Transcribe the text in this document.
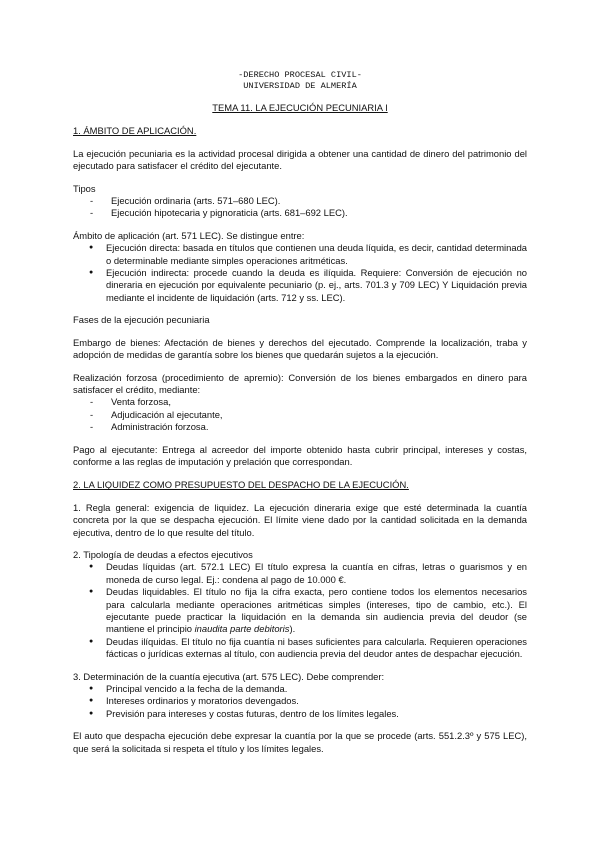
-DERECHO PROCESAL CIVIL-
UNIVERSIDAD DE ALMERÍA
TEMA 11. LA EJECUCIÓN PECUNIARIA I
1. ÁMBITO DE APLICACIÓN.

La ejecución pecuniaria es la actividad procesal dirigida a obtener una cantidad de dinero del patrimonio del ejecutado para satisfacer el crédito del ejecutante.

Tipos

- Ejecución ordinaria (arts. 571–680 LEC).
- Ejecución hipotecaria y pignoraticia (arts. 681–692 LEC).

Ámbito de aplicación (art. 571 LEC). Se distingue entre:

● Ejecución directa: basada en títulos que contienen una deuda líquida, es decir, cantidad determinada o determinable mediante simples operaciones aritméticas.
● Ejecución indirecta: procede cuando la deuda es ilíquida. Requiere: Conversión de ejecución no dineraria en ejecución por equivalente pecuniario (p. ej., arts. 701.3 y 709 LEC) Y Liquidación previa mediante el incidente de liquidación (arts. 712 y ss. LEC).

Fases de la ejecución pecuniaria

Embargo de bienes: Afectación de bienes y derechos del ejecutado. Comprende la localización, traba y adopción de medidas de garantía sobre los bienes que quedarán sujetos a la ejecución.

Realización forzosa (procedimiento de apremio): Conversión de los bienes embargados en dinero para satisfacer el crédito, mediante:

- Venta forzosa,
- Adjudicación al ejecutante,
- Administración forzosa.

Pago al ejecutante: Entrega al acreedor del importe obtenido hasta cubrir principal, intereses y costas, conforme a las reglas de imputación y prelación que correspondan.

2. LA LIQUIDEZ COMO PRESUPUESTO DEL DESPACHO DE LA EJECUCIÓN.

1. Regla general: exigencia de liquidez. La ejecución dineraria exige que esté determinada la cuantía concreta por la que se despacha ejecución. El límite viene dado por la cantidad solicitada en la demanda ejecutiva, dentro de lo que resulte del título.

2. Tipología de deudas a efectos ejecutivos

● Deudas líquidas (art. 572.1 LEC) El título expresa la cuantía en cifras, letras o guarismos y en moneda de curso legal. Ej.: condena al pago de 10.000 €.
● Deudas liquidables. El título no fija la cifra exacta, pero contiene todos los elementos necesarios para calcularla mediante operaciones aritméticas simples (intereses, tipo de cambio, etc.). El ejecutante puede practicar la liquidación en la demanda sin audiencia previa del deudor (se mantiene el principio inaudita parte debitoris).
● Deudas ilíquidas. El título no fija cuantía ni bases suficientes para calcularla. Requieren operaciones fácticas o jurídicas externas al título, con audiencia previa del deudor antes de despachar ejecución.

3. Determinación de la cuantía ejecutiva (art. 575 LEC). Debe comprender:

● Principal vencido a la fecha de la demanda.
● Intereses ordinarios y moratorios devengados.
● Previsión para intereses y costas futuras, dentro de los límites legales.

El auto que despacha ejecución debe expresar la cuantía por la que se procede (arts. 551.2.3º y 575 LEC), que será la solicitada si respeta el título y los límites legales.
